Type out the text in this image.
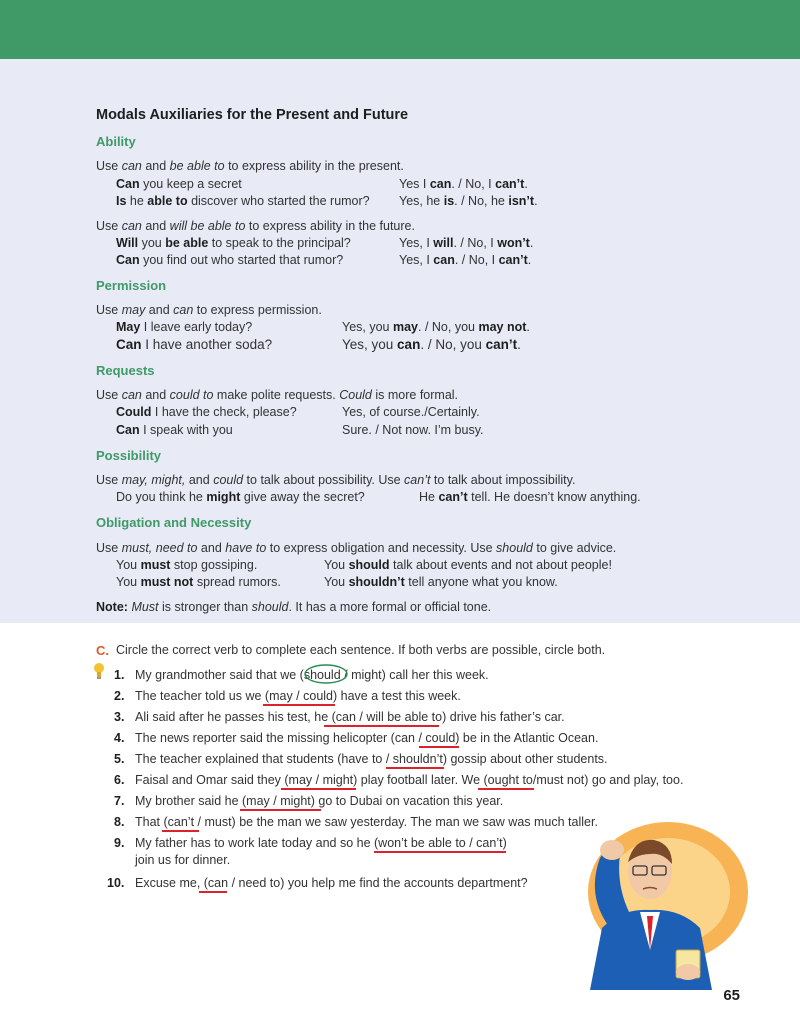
Modals Auxiliaries for the Present and Future
Ability
Use can and be able to to express ability in the present.
Can you keep a secret	Yes I can. / No, I can’t.
Is he able to discover who started the rumor? Yes, he is. / No, he isn’t.
Use can and will be able to to express ability in the future.
Will you be able to speak to the principal?	Yes, I will. / No, I won’t.
Can you find out who started that rumor?	Yes, I can. / No, I can’t.
Permission
Use may and can to express permission.
May I leave early today?	Yes, you may. / No, you may not.
Can I have another soda?	Yes, you can. / No, you can’t.
Requests
Use can and could to make polite requests. Could is more formal.
Could I have the check, please?	Yes, of course./Certainly.
Can I speak with you	Sure. / Not now. I’m busy.
Possibility
Use may, might, and could to talk about possibility. Use can’t to talk about impossibility.
Do you think he might give away the secret?	He can’t tell. He doesn’t know anything.
Obligation and Necessity
Use must, need to and have to to express obligation and necessity. Use should to give advice.
You must stop gossiping.	You should talk about events and not about people!
You must not spread rumors.	You shouldn’t tell anyone what you know.
Note: Must is stronger than should. It has a more formal or official tone.
C. Circle the correct verb to complete each sentence. If both verbs are possible, circle both.
1. My grandmother said that we (should / might) call her this week.
2. The teacher told us we (may / could) have a test this week.
3. Ali said after he passes his test, he (can / will be able to) drive his father’s car.
4. The news reporter said the missing helicopter (can / could) be in the Atlantic Ocean.
5. The teacher explained that students (have to / shouldn’t) gossip about other students.
6. Faisal and Omar said they (may / might) play football later. We (ought to/must not) go and play, too.
7. My brother said he (may / might) go to Dubai on vacation this year.
8. That (can’t / must) be the man we saw yesterday. The man we saw was much taller.
9. My father has to work late today and so he (won’t be able to / can’t)
join us for dinner.
10. Excuse me, (can / need to) you help me find the accounts department?
65
